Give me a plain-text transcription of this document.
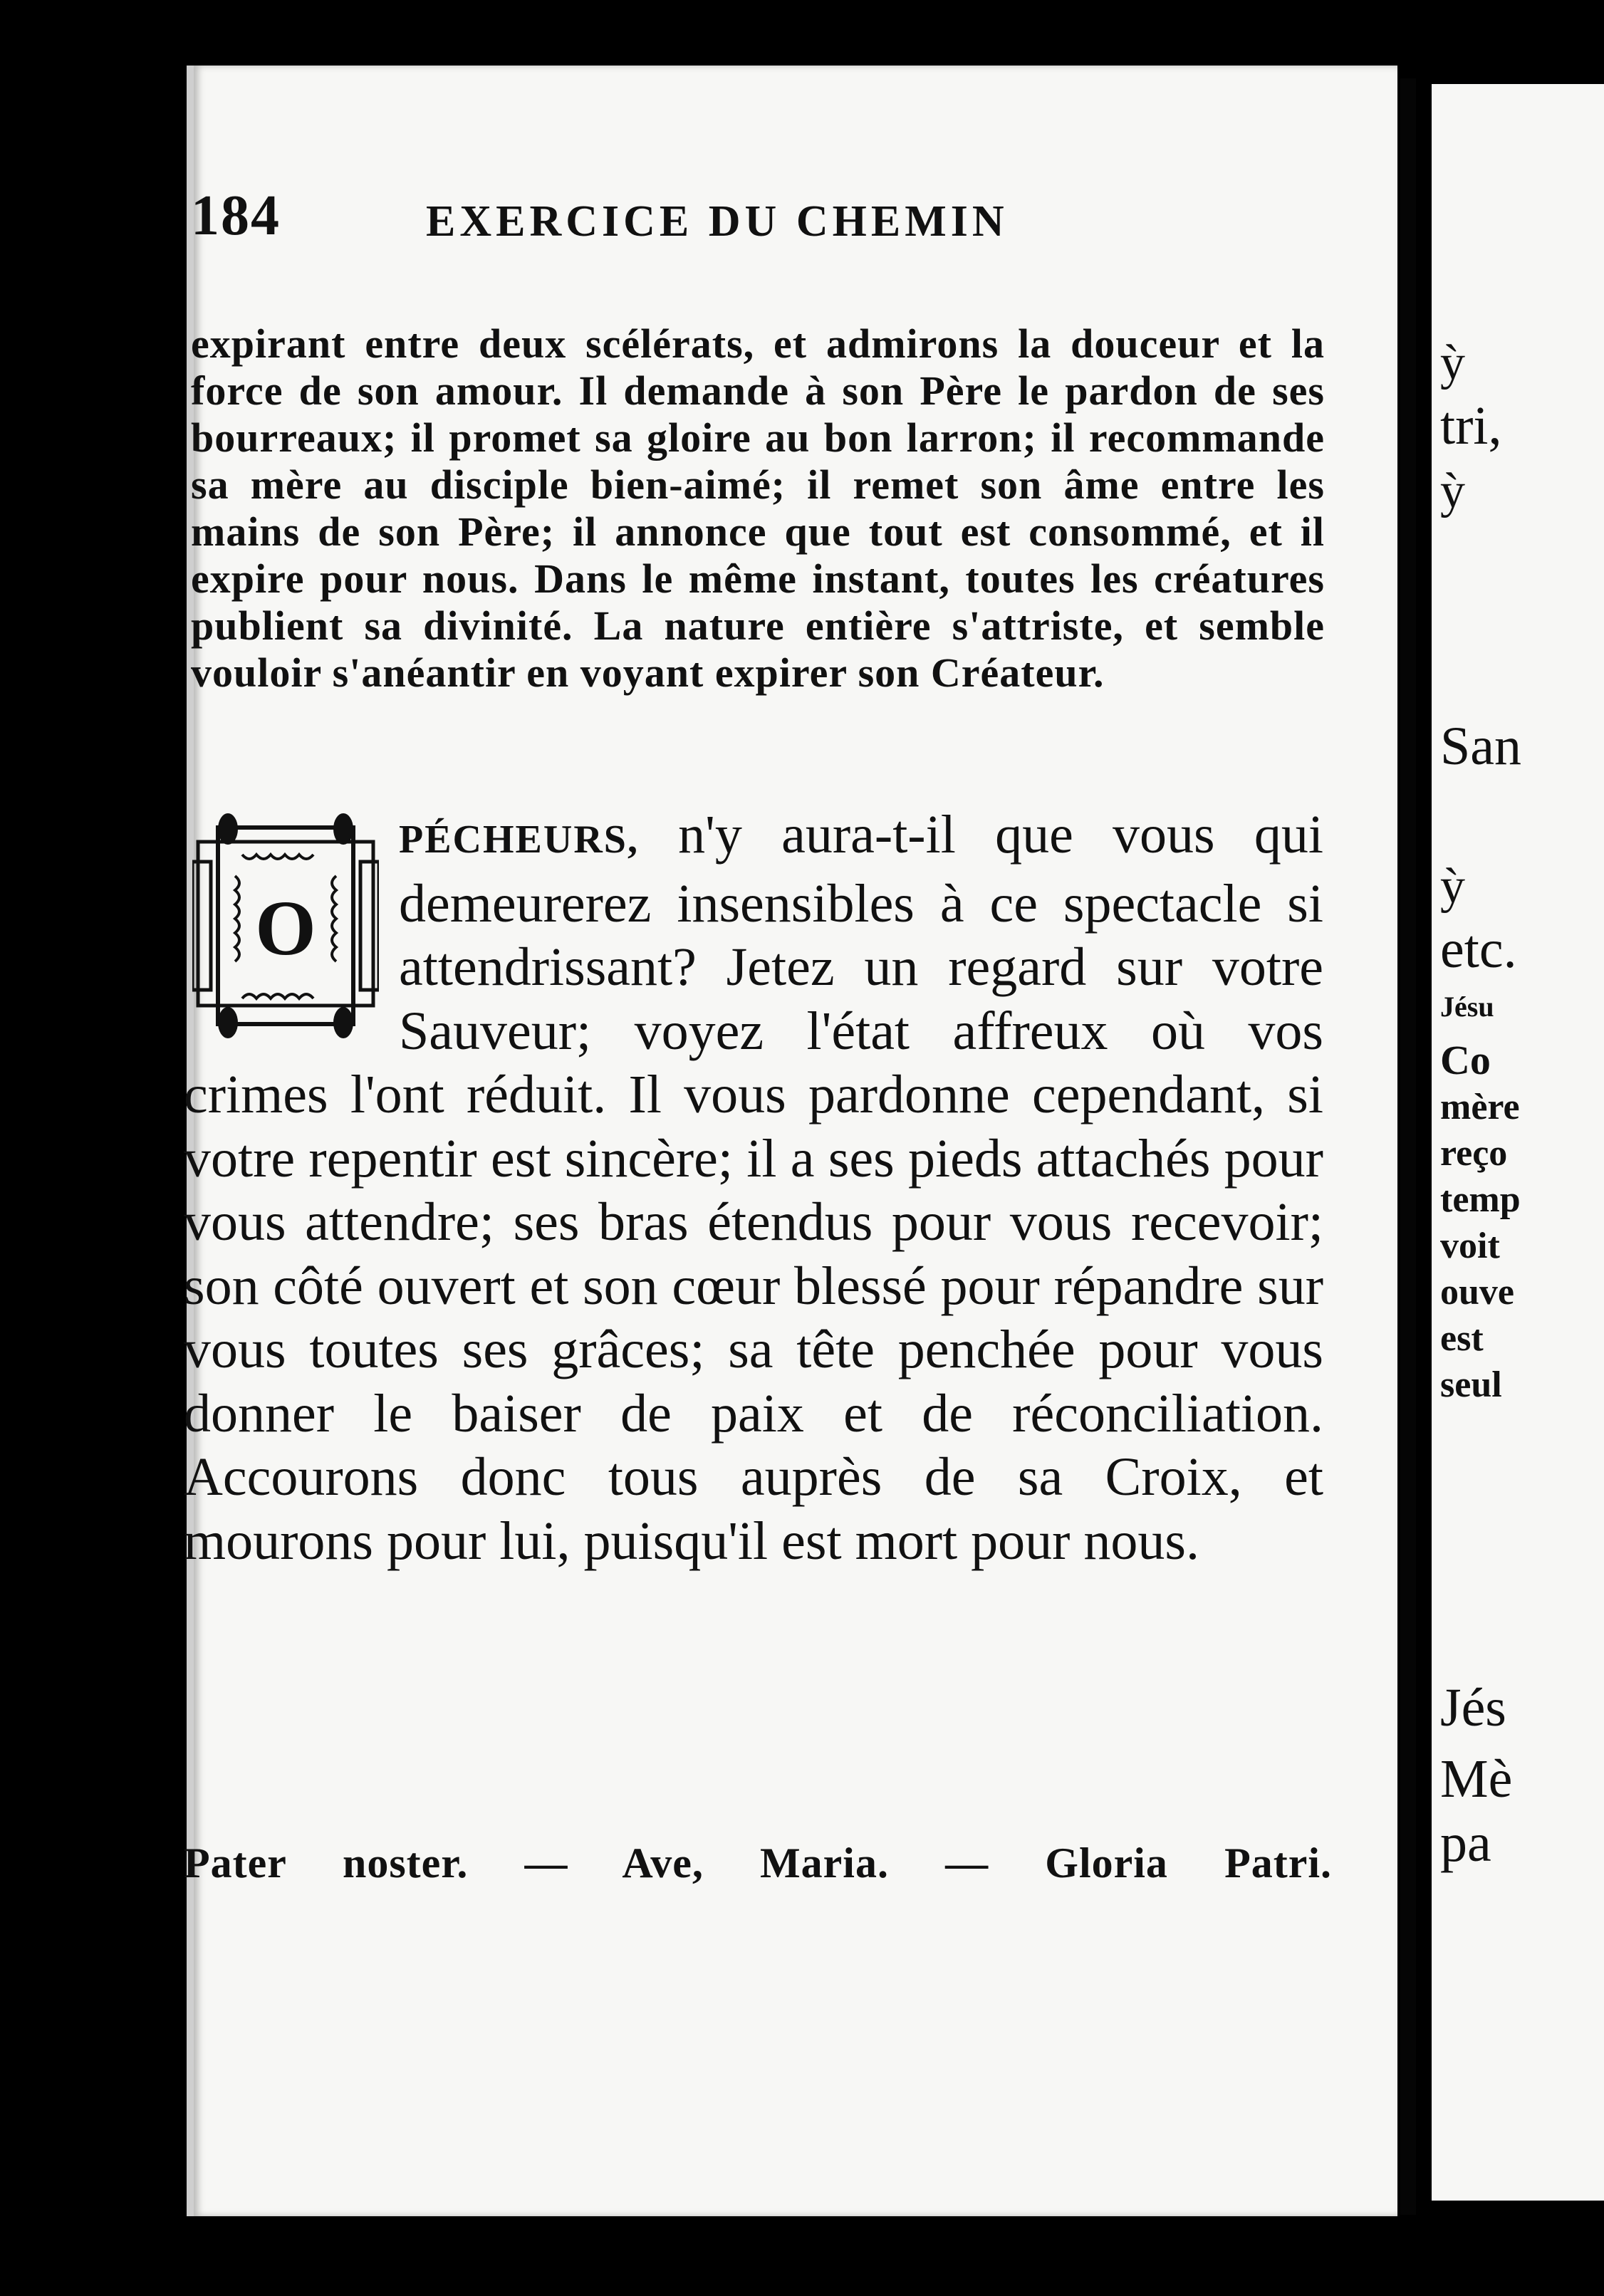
184	EXERCICE DU CHEMIN

expirant entre deux scélérats, et admirons la douceur et la force de son amour. Il demande à son Père le pardon de ses bourreaux; il promet sa gloire au bon larron; il recommande sa mère au disciple bien-aimé; il remet son âme entre les mains de son Père; il annonce que tout est consommé, et il expire pour nous. Dans le même instant, toutes les créatures publient sa divinité. La nature entière s'attriste, et semble vouloir s'anéantir en voyant expirer son Créateur.

O
PÉCHEURS, n'y aura-t-il que vous qui demeurerez insensibles à ce spectacle si attendrissant? Jetez un regard sur votre Sauveur; voyez l'état affreux où vos crimes l'ont réduit. Il vous pardonne cependant, si votre repentir est sincère; il a ses pieds attachés pour vous attendre; ses bras étendus pour vous recevoir; son côté ouvert et son cœur blessé pour répandre sur vous toutes ses grâces; sa tête penchée pour vous donner le baiser de paix et de réconciliation. Accourons donc tous auprès de sa Croix, et mourons pour lui, puisqu'il est mort pour nous.

Pater noster. — Ave, Maria. — Gloria Patri.

ỳ
tri,
ỳ
San
ỳ
etc.
Jésu
Co
mère
reço
temp
voit
ouve
est
seul
Jés
Mè
pa
